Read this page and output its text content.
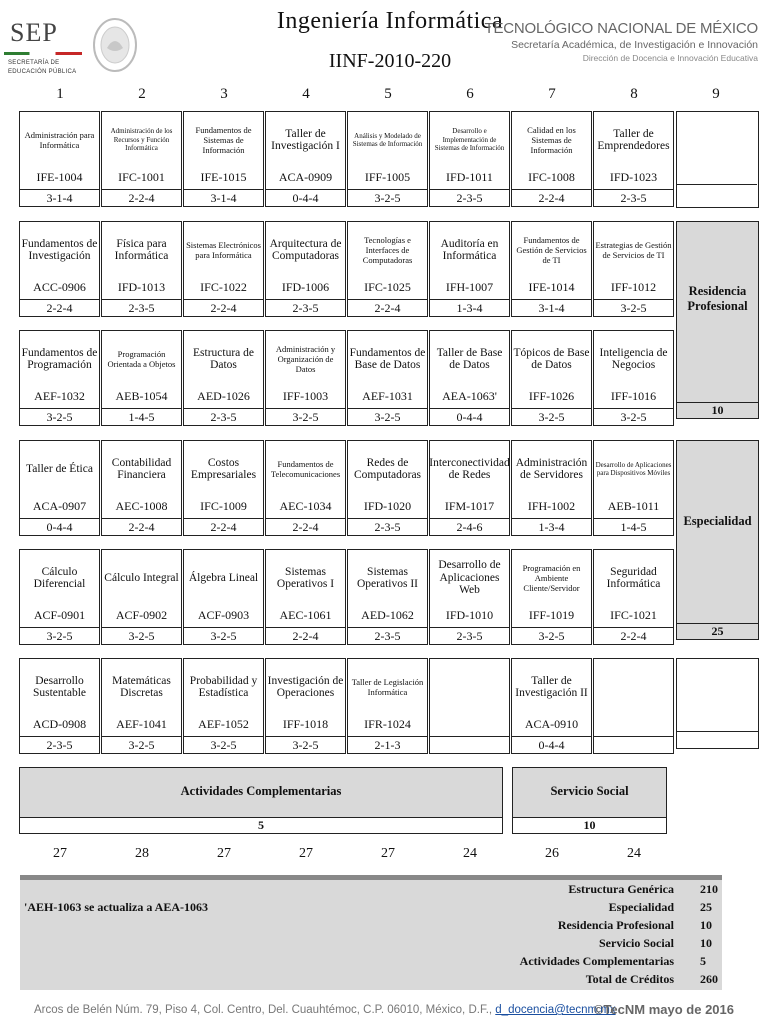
SEP
SECRETARÍA DE
EDUCACIÓN PÚBLICA
Ingeniería Informática
IINF-2010-220
TECNOLÓGICO NACIONAL DE MÉXICO
Secretaría Académica, de Investigación e Innovación
Dirección de Docencia e Innovación Educativa
Administración para Informática
IFE-1004
3-1-4
Administración de los Recursos y Función Informática
IFC-1001
2-2-4
Fundamentos de Sistemas de Información
IFE-1015
3-1-4
Taller de Investigación I
ACA-0909
0-4-4
Análisis y Modelado de Sistemas de Información
IFF-1005
3-2-5
Desarrollo e Implementación de Sistemas de Información
IFD-1011
2-3-5
Calidad en los Sistemas de Información
IFC-1008
2-2-4
Taller de Emprendedores
IFD-1023
2-3-5
Fundamentos de Investigación
ACC-0906
2-2-4
Física para Informática
IFD-1013
2-3-5
Sistemas Electrónicos para Informática
IFC-1022
2-2-4
Arquitectura de Computadoras
IFD-1006
2-3-5
Tecnologías e Interfaces de Computadoras
IFC-1025
2-2-4
Auditoría en Informática
IFH-1007
1-3-4
Fundamentos de Gestión de Servicios de TI
IFE-1014
3-1-4
Estrategias de Gestión de Servicios de TI
IFF-1012
3-2-5
Fundamentos de Programación
AEF-1032
3-2-5
Programación Orientada a Objetos
AEB-1054
1-4-5
Estructura de Datos
AED-1026
2-3-5
Administración y Organización de Datos
IFF-1003
3-2-5
Fundamentos de Base de Datos
AEF-1031
3-2-5
Taller de Base de Datos
AEA-1063'
0-4-4
Tópicos de Base de Datos
IFF-1026
3-2-5
Inteligencia de Negocios
IFF-1016
3-2-5
Taller de Ética
ACA-0907
0-4-4
Contabilidad Financiera
AEC-1008
2-2-4
Costos Empresariales
IFC-1009
2-2-4
Fundamentos de Telecomunicaciones
AEC-1034
2-2-4
Redes de Computadoras
IFD-1020
2-3-5
Interconectividad de Redes
IFM-1017
2-4-6
Administración de Servidores
IFH-1002
1-3-4
Desarrollo de Aplicaciones para Dispositivos Móviles
AEB-1011
1-4-5
Cálculo Diferencial
ACF-0901
3-2-5
Cálculo Integral
ACF-0902
3-2-5
Álgebra Lineal
ACF-0903
3-2-5
Sistemas Operativos I
AEC-1061
2-2-4
Sistemas Operativos II
AED-1062
2-3-5
Desarrollo de Aplicaciones Web
IFD-1010
2-3-5
Programación en Ambiente Cliente/Servidor
IFF-1019
3-2-5
Seguridad Informática
IFC-1021
2-2-4
Desarrollo Sustentable
ACD-0908
2-3-5
Matemáticas Discretas
AEF-1041
3-2-5
Probabilidad y Estadística
AEF-1052
3-2-5
Investigación de Operaciones
IFF-1018
3-2-5
Taller de Legislación Informática
IFR-1024
2-1-3
Taller de Investigación II
ACA-0910
0-4-4
Residencia Profesional
10
Especialidad
25
Actividades Complementarias
5
Servicio Social
10
27	28	27	27	27	24	26	24
'AEH-1063 se actualiza a AEA-1063
Estructura Genérica 210
Especialidad 25
Residencia Profesional 10
Servicio Social 10
Actividades Complementarias 5
Total de Créditos 260
Arcos de Belén Núm. 79, Piso 4, Col. Centro, Del. Cuauhtémoc, C.P. 06010, México, D.F., d_docencia@tecnm.mx
©TecNM mayo de 2016
1	2	3	4	5	6	7	8	9
